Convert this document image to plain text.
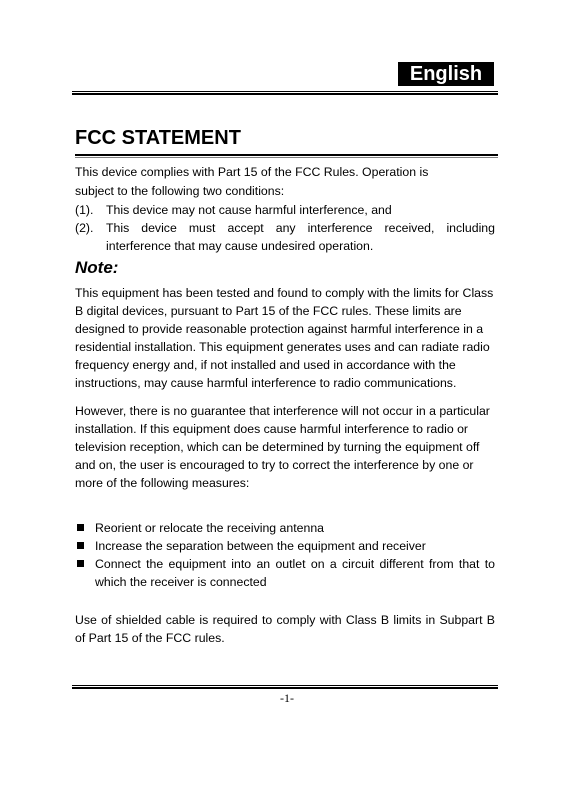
English
FCC STATEMENT

This device complies with Part 15 of the FCC Rules. Operation is

subject to the following two conditions:

(1). This device may not cause harmful interference, and
(2). This device must accept any interference received, including interference that may cause undesired operation.
Note:

This equipment has been tested and found to comply with the limits for Class B digital devices, pursuant to Part 15 of the FCC rules. These limits are designed to provide reasonable protection against harmful interference in a residential installation. This equipment generates uses and can radiate radio frequency energy and, if not installed and used in accordance with the instructions, may cause harmful interference to radio communications.

However, there is no guarantee that interference will not occur in a particular installation. If this equipment does cause harmful interference to radio or television reception, which can be determined by turning the equipment off and on, the user is encouraged to try to correct the interference by one or more of the following measures:

Reorient or relocate the receiving antenna
Increase the separation between the equipment and receiver
Connect the equipment into an outlet on a circuit different from that to which the receiver is connected

Use of shielded cable is required to comply with Class B limits in Subpart B of Part 15 of the FCC rules.

-1-
